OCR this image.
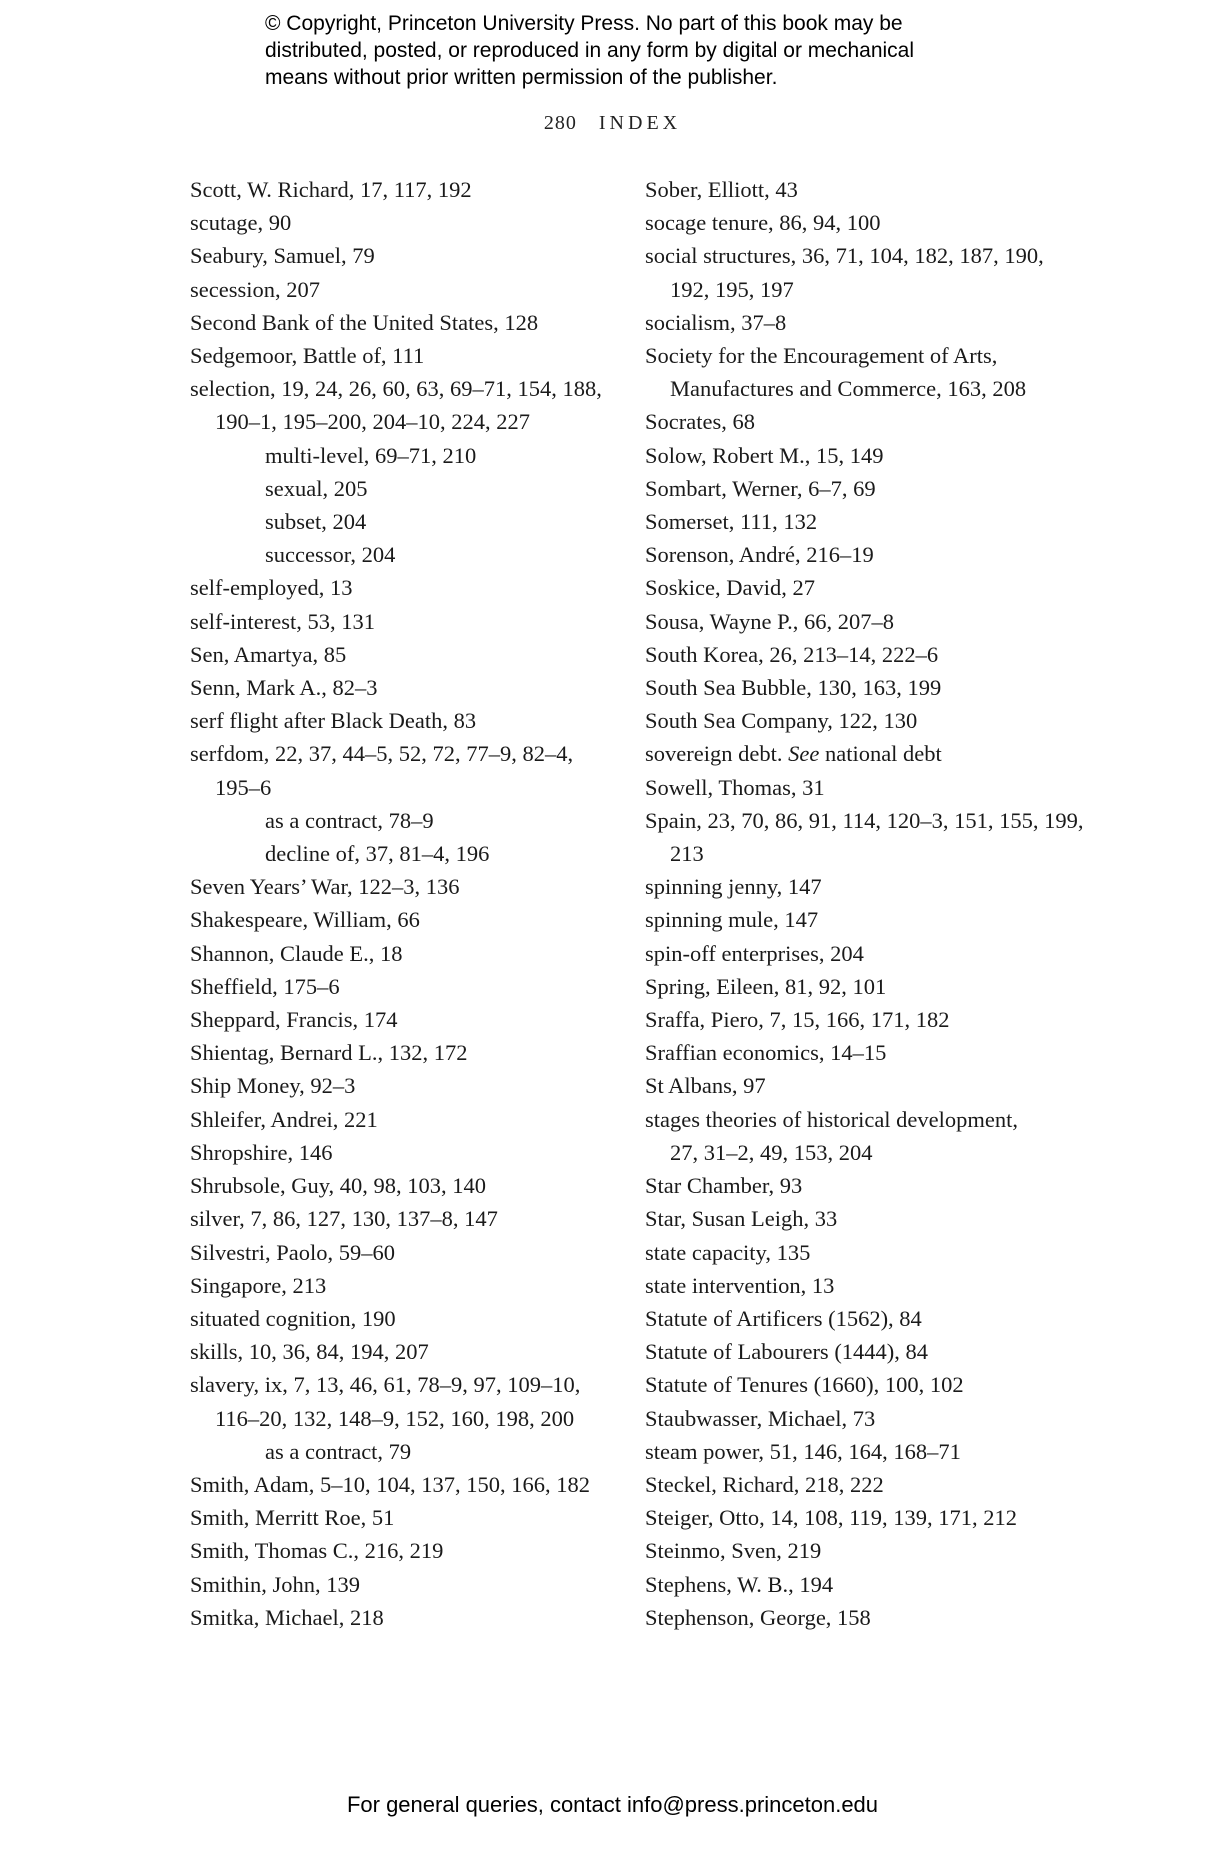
© Copyright, Princeton University Press. No part of this book may be
distributed, posted, or reproduced in any form by digital or mechanical
means without prior written permission of the publisher.
280 INDEX
Scott, W. Richard, 17, 117, 192
scutage, 90
Seabury, Samuel, 79
secession, 207
Second Bank of the United States, 128
Sedgemoor, Battle of, 111
selection, 19, 24, 26, 60, 63, 69–71, 154, 188,
190–1, 195–200, 204–10, 224, 227
multi-level, 69–71, 210
sexual, 205
subset, 204
successor, 204
self-employed, 13
self-interest, 53, 131
Sen, Amartya, 85
Senn, Mark A., 82–3
serf flight after Black Death, 83
serfdom, 22, 37, 44–5, 52, 72, 77–9, 82–4,
195–6
as a contract, 78–9
decline of, 37, 81–4, 196
Seven Years’ War, 122–3, 136
Shakespeare, William, 66
Shannon, Claude E., 18
Sheffield, 175–6
Sheppard, Francis, 174
Shientag, Bernard L., 132, 172
Ship Money, 92–3
Shleifer, Andrei, 221
Shropshire, 146
Shrubsole, Guy, 40, 98, 103, 140
silver, 7, 86, 127, 130, 137–8, 147
Silvestri, Paolo, 59–60
Singapore, 213
situated cognition, 190
skills, 10, 36, 84, 194, 207
slavery, ix, 7, 13, 46, 61, 78–9, 97, 109–10,
116–20, 132, 148–9, 152, 160, 198, 200
as a contract, 79
Smith, Adam, 5–10, 104, 137, 150, 166, 182
Smith, Merritt Roe, 51
Smith, Thomas C., 216, 219
Smithin, John, 139
Smitka, Michael, 218
Sober, Elliott, 43
socage tenure, 86, 94, 100
social structures, 36, 71, 104, 182, 187, 190,
192, 195, 197
socialism, 37–8
Society for the Encouragement of Arts,
Manufactures and Commerce, 163, 208
Socrates, 68
Solow, Robert M., 15, 149
Sombart, Werner, 6–7, 69
Somerset, 111, 132
Sorenson, André, 216–19
Soskice, David, 27
Sousa, Wayne P., 66, 207–8
South Korea, 26, 213–14, 222–6
South Sea Bubble, 130, 163, 199
South Sea Company, 122, 130
sovereign debt. See national debt
Sowell, Thomas, 31
Spain, 23, 70, 86, 91, 114, 120–3, 151, 155, 199,
213
spinning jenny, 147
spinning mule, 147
spin-off enterprises, 204
Spring, Eileen, 81, 92, 101
Sraffa, Piero, 7, 15, 166, 171, 182
Sraffian economics, 14–15
St Albans, 97
stages theories of historical development,
27, 31–2, 49, 153, 204
Star Chamber, 93
Star, Susan Leigh, 33
state capacity, 135
state intervention, 13
Statute of Artificers (1562), 84
Statute of Labourers (1444), 84
Statute of Tenures (1660), 100, 102
Staubwasser, Michael, 73
steam power, 51, 146, 164, 168–71
Steckel, Richard, 218, 222
Steiger, Otto, 14, 108, 119, 139, 171, 212
Steinmo, Sven, 219
Stephens, W. B., 194
Stephenson, George, 158
For general queries, contact info@press.princeton.edu
